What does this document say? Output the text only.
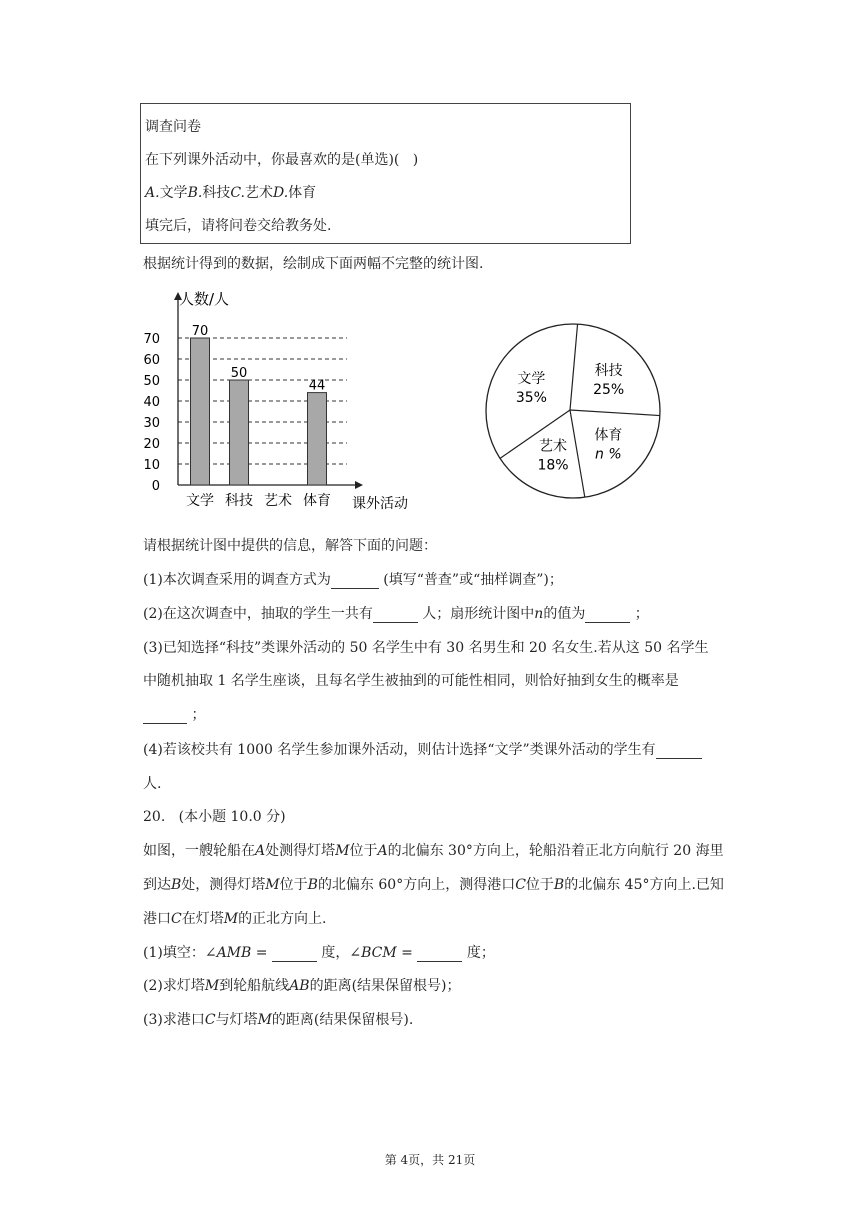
调查问卷
在下列课外活动中，你最喜欢的是(单选)(   )
A.文学B.科技C.艺术D.体育
填完后，请将问卷交给教务处.
根据统计得到的数据，绘制成下面两幅不完整的统计图.
0
10
20
30
40
50
60
70
70
文学
50
科技 艺术
44
体育
人数/人
课外活动
科技
25%
体育
n %
艺术
18%
文学
35%
请根据统计图中提供的信息，解答下面的问题：
(1)本次调查采用的调查方式为	(填写“普查”或“抽样调查”)；
(2)在这次调查中，抽取的学生一共有	人；扇形统计图中n的值为	；
(3)已知选择“科技”类课外活动的 50 名学生中有 30 名男生和 20 名女生.若从这 50 名学生
中随机抽取 1 名学生座谈，且每名学生被抽到的可能性相同，则恰好抽到女生的概率是
；
(4)若该校共有 1000 名学生参加课外活动，则估计选择“文学”类课外活动的学生有
人.
20.   (本小题 10.0 分)
如图，一艘轮船在A处测得灯塔M位于A的北偏东 30°方向上，轮船沿着正北方向航行 20 海里
到达B处，测得灯塔M位于B的北偏东 60°方向上，测得港口C位于B的北偏东 45°方向上.已知
港口C在灯塔M的正北方向上.
(1)填空：∠AMB =	度，∠BCM =	度；
(2)求灯塔M到轮船航线AB的距离(结果保留根号)；
(3)求港口C与灯塔M的距离(结果保留根号).
第 4页，共 21页
